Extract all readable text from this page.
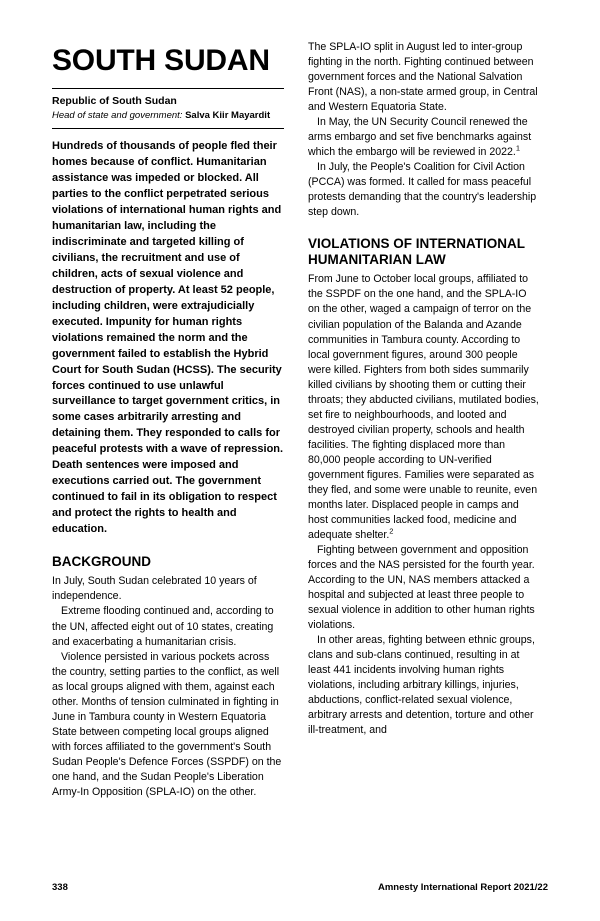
SOUTH SUDAN
Republic of South Sudan
Head of state and government: Salva Kiir Mayardit

Hundreds of thousands of people fled their homes because of conflict. Humanitarian assistance was impeded or blocked. All parties to the conflict perpetrated serious violations of international human rights and humanitarian law, including the indiscriminate and targeted killing of civilians, the recruitment and use of children, acts of sexual violence and destruction of property. At least 52 people, including children, were extrajudicially executed. Impunity for human rights violations remained the norm and the government failed to establish the Hybrid Court for South Sudan (HCSS). The security forces continued to use unlawful surveillance to target government critics, in some cases arbitrarily arresting and detaining them. They responded to calls for peaceful protests with a wave of repression. Death sentences were imposed and executions carried out. The government continued to fail in its obligation to respect and protect the rights to health and education.

BACKGROUND

In July, South Sudan celebrated 10 years of independence.

Extreme flooding continued and, according to the UN, affected eight out of 10 states, creating and exacerbating a humanitarian crisis.

Violence persisted in various pockets across the country, setting parties to the conflict, as well as local groups aligned with them, against each other. Months of tension culminated in fighting in June in Tambura county in Western Equatoria State between competing local groups aligned with forces affiliated to the government's South Sudan People's Defence Forces (SSPDF) on the one hand, and the Sudan People's Liberation Army-In Opposition (SPLA-IO) on the other.

The SPLA-IO split in August led to inter-group fighting in the north. Fighting continued between government forces and the National Salvation Front (NAS), a non-state armed group, in Central and Western Equatoria State.

In May, the UN Security Council renewed the arms embargo and set five benchmarks against which the embargo will be reviewed in 2022.$^1$

In July, the People's Coalition for Civil Action (PCCA) was formed. It called for mass peaceful protests demanding that the country's leadership step down.

VIOLATIONS OF INTERNATIONAL HUMANITARIAN LAW

From June to October local groups, affiliated to the SSPDF on the one hand, and the SPLA-IO on the other, waged a campaign of terror on the civilian population of the Balanda and Azande communities in Tambura county. According to local government figures, around 300 people were killed. Fighters from both sides summarily killed civilians by shooting them or cutting their throats; they abducted civilians, mutilated bodies, set fire to neighbourhoods, and looted and destroyed civilian property, schools and health facilities. The fighting displaced more than 80,000 people according to UN-verified government figures. Families were separated as they fled, and some were unable to reunite, even months later. Displaced people in camps and host communities lacked food, medicine and adequate shelter.$^2$

Fighting between government and opposition forces and the NAS persisted for the fourth year. According to the UN, NAS members attacked a hospital and subjected at least three people to sexual violence in addition to other human rights violations.

In other areas, fighting between ethnic groups, clans and sub-clans continued, resulting in at least 441 incidents involving human rights violations, including arbitrary killings, injuries, abductions, conflict-related sexual violence, arbitrary arrests and detention, torture and other ill-treatment, and

338	Amnesty International Report 2021/22
